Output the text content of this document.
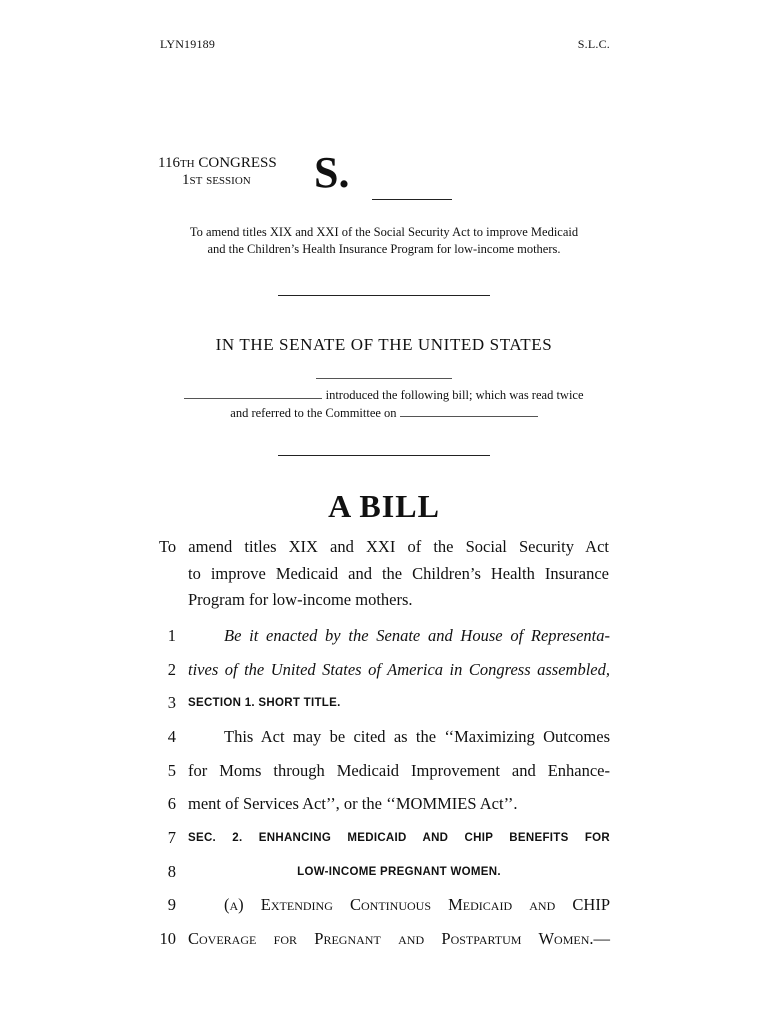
LYN19189	S.L.C.
116TH CONGRESS
1ST SESSION	S.
To amend titles XIX and XXI of the Social Security Act to improve Medicaid
and the Children’s Health Insurance Program for low-income mothers.
IN THE SENATE OF THE UNITED STATES
introduced the following bill; which was read twice
and referred to the Committee on
A BILL
To amend titles XIX and XXI of the Social Security Act
to improve Medicaid and the Children’s Health Insurance
Program for low-income mothers.
1	Be it enacted by the Senate and House of Representa-
2 tives of the United States of America in Congress assembled,
3 SECTION 1. SHORT TITLE.
4	This Act may be cited as the ‘‘Maximizing Outcomes
5 for Moms through Medicaid Improvement and Enhance-
6 ment of Services Act’’, or the ‘‘MOMMIES Act’’.
7 SEC. 2. ENHANCING MEDICAID AND CHIP BENEFITS FOR
8	LOW-INCOME PREGNANT WOMEN.
9	(a) Extending Continuous Medicaid and CHIP
10 Coverage for Pregnant and Postpartum Women.—
